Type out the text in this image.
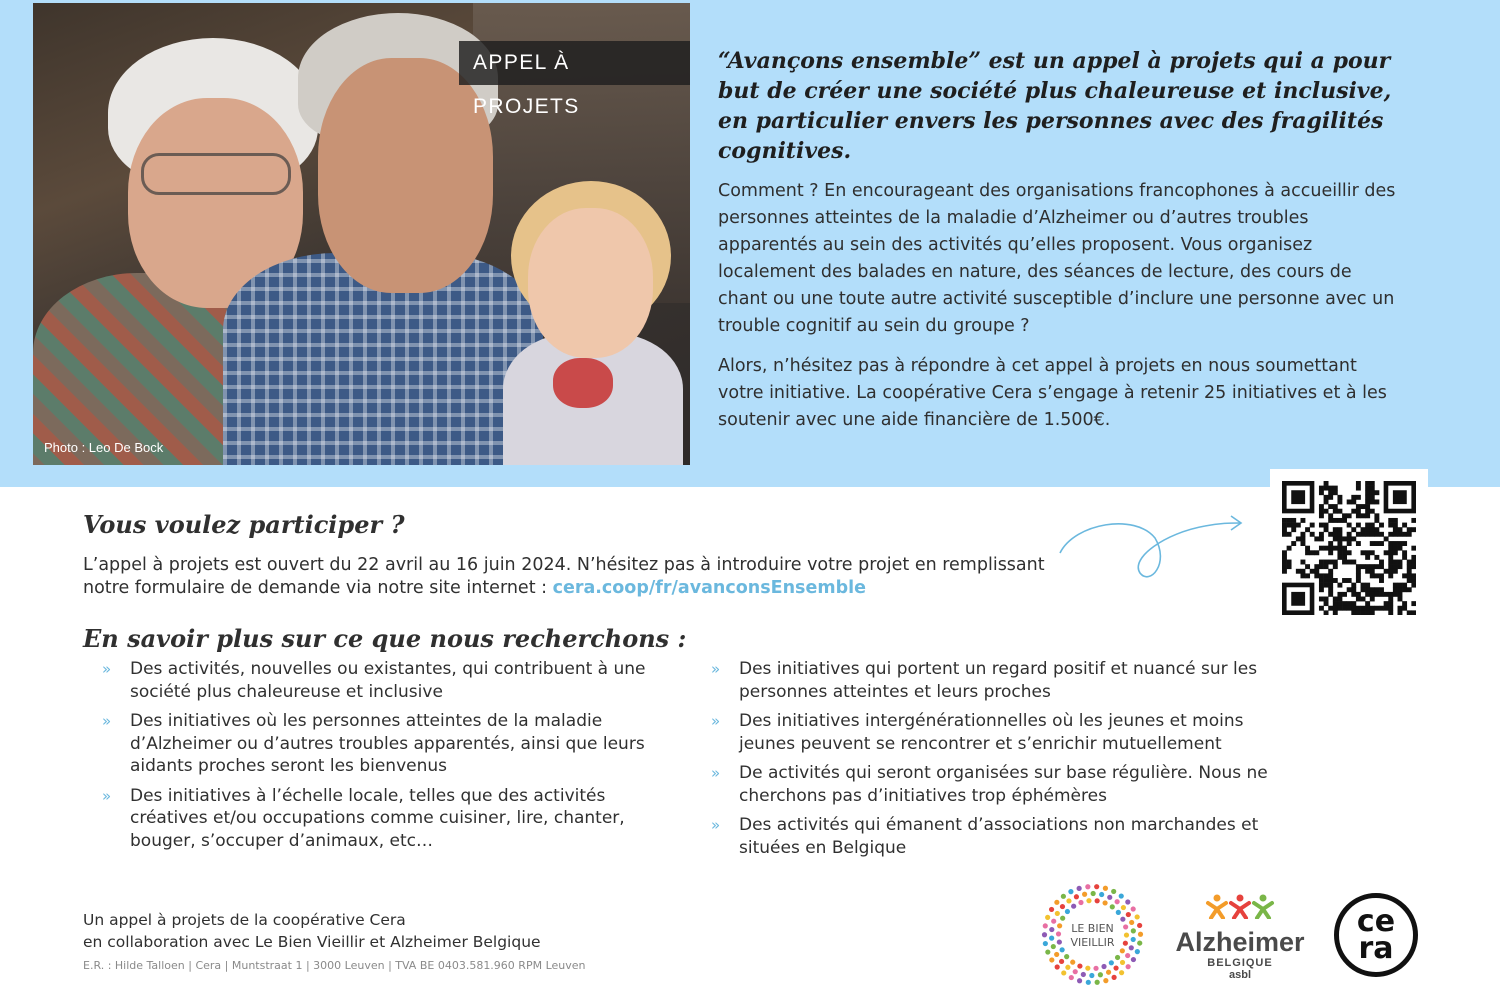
APPEL À PROJETS
Photo : Leo De Bock

“Avançons ensemble” est un appel à projets qui a pour but de créer une société plus chaleureuse et inclusive, en particulier envers les personnes avec des fragilités cognitives.

Comment ? En encourageant des organisations francophones à accueillir des personnes atteintes de la maladie d’Alzheimer ou d’autres troubles apparentés au sein des activités qu’elles proposent. Vous organisez localement des balades en nature, des séances de lecture, des cours de chant ou une toute autre activité susceptible d’inclure une personne avec un trouble cognitif au sein du groupe ?

Alors, n’hésitez pas à répondre à cet appel à projets en nous soumettant votre initiative. La coopérative Cera s’engage à retenir 25 initiatives et à les soutenir avec une aide financière de 1.500€.

Vous voulez participer ?

L’appel à projets est ouvert du 22 avril au 16 juin 2024. N’hésitez pas à introduire votre projet en remplissant notre formulaire de demande via notre site internet : cera.coop/fr/avanconsEnsemble

En savoir plus sur ce que nous recherchons :
» Des activités, nouvelles ou existantes, qui contribuent à une société plus chaleureuse et inclusive
» Des initiatives où les personnes atteintes de la maladie d’Alzheimer ou d’autres troubles apparentés, ainsi que leurs aidants proches seront les bienvenus
» Des initiatives à l’échelle locale, telles que des activités créatives et/ou occupations comme cuisiner, lire, chanter, bouger, s’occuper d’animaux, etc…
» Des initiatives qui portent un regard positif et nuancé sur les personnes atteintes et leurs proches
» Des initiatives intergénérationnelles où les jeunes et moins jeunes peuvent se rencontrer et s’enrichir mutuellement
» De activités qui seront organisées sur base régulière. Nous ne cherchons pas d’initiatives trop éphémères
» Des activités qui émanent d’associations non marchandes et situées en Belgique
Un appel à projets de la coopérative Cera
en collaboration avec Le Bien Vieillir et Alzheimer Belgique
E.R. : Hilde Talloen | Cera | Muntstraat 1 | 3000 Leuven | TVA BE 0403.581.960 RPM Leuven
LE BIEN
VIEILLIR Alzheimer
BELGIQUE
asbl
ce
ra
